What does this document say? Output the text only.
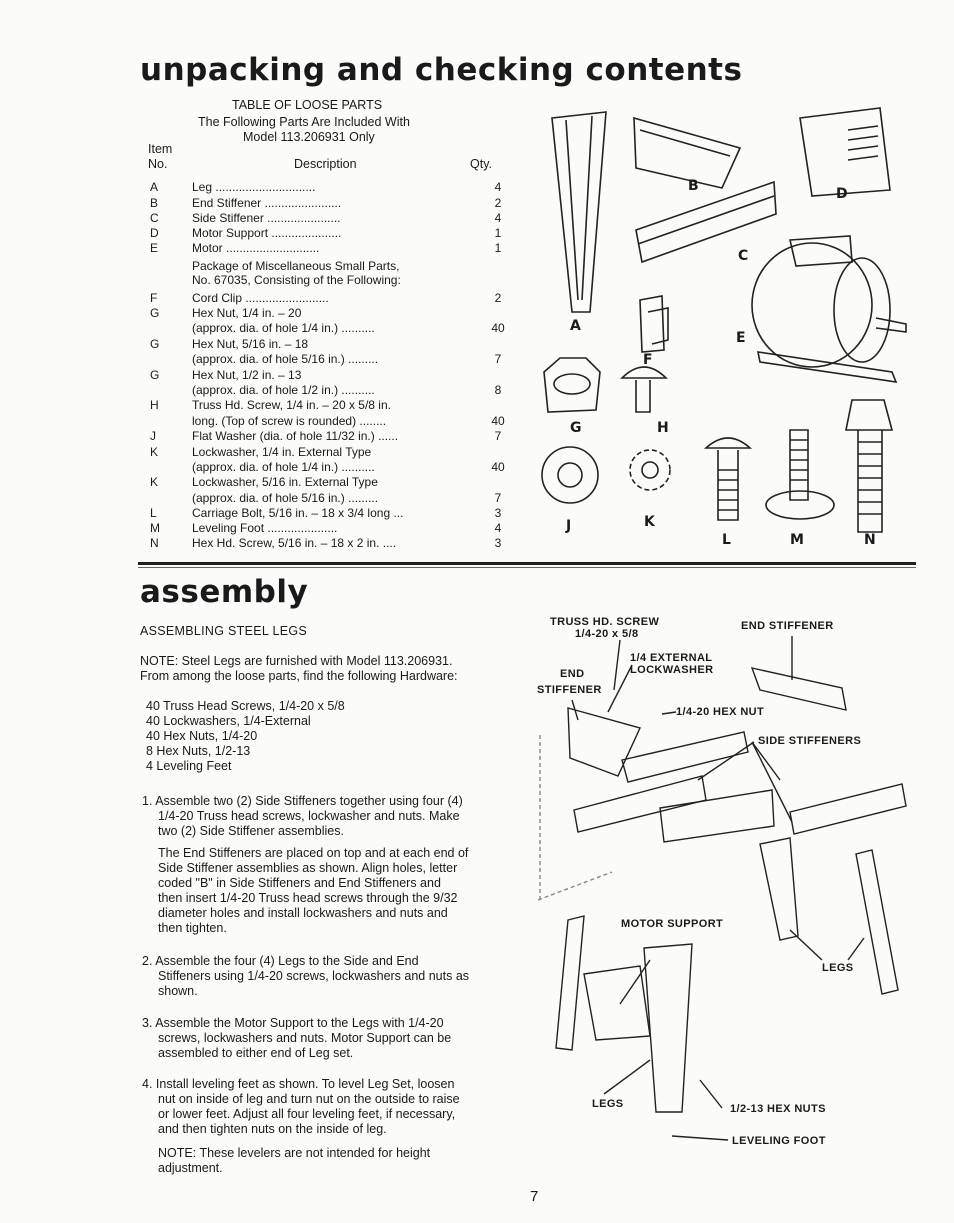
unpacking and checking contents
TABLE OF LOOSE PARTS
The Following Parts Are Included With
Model 113.206931 Only
Item
No.	Description	Qty.
A	Leg ..............................	4
B	End Stiffener .......................	2
C	Side Stiffener ......................	4
D	Motor Support .....................	1
E	Motor ............................	1
Package of Miscellaneous Small Parts,
No. 67035, Consisting of the Following:
F	Cord Clip .........................	2
G	Hex Nut, 1/4 in. – 20
(approx. dia. of hole 1/4 in.) ..........	40
G	Hex Nut, 5/16 in. – 18
(approx. dia. of hole 5/16 in.) .........	7
G	Hex Nut, 1/2 in. – 13
(approx. dia. of hole 1/2 in.) ..........	8
H	Truss Hd. Screw, 1/4 in. – 20 x 5/8 in.
long. (Top of screw is rounded) ........	40
J	Flat Washer (dia. of hole 11/32 in.) ......	7
K	Lockwasher, 1/4 in. External Type
(approx. dia. of hole 1/4 in.) ..........	40
K	Lockwasher, 5/16 in. External Type
(approx. dia. of hole 5/16 in.) .........	7
L	Carriage Bolt, 5/16 in. – 18 x 3/4 long ...	3
M	Leveling Foot .....................	4
N	Hex Hd. Screw, 5/16 in. – 18 x 2 in. ....	3
A
B
C
D
E
F
G	H
J	K
L	M	N
assembly
ASSEMBLING STEEL LEGS
NOTE: Steel Legs are furnished with Model 113.206931.
From among the loose parts, find the following Hardware:
40 Truss Head Screws, 1/4-20 x 5/8
40 Lockwashers, 1/4-External
40 Hex Nuts, 1/4-20
8 Hex Nuts, 1/2-13
4 Leveling Feet
1. Assemble two (2) Side Stiffeners together using four (4)
1/4-20 Truss head screws, lockwasher and nuts. Make
two (2) Side Stiffener assemblies.
The End Stiffeners are placed on top and at each end of
Side Stiffener assemblies as shown. Align holes, letter
coded "B" in Side Stiffeners and End Stiffeners and
then insert 1/4-20 Truss head screws through the 9/32
diameter holes and install lockwashers and nuts and
then tighten.
2. Assemble the four (4) Legs to the Side and End
Stiffeners using 1/4-20 screws, lockwashers and nuts as
shown.
3. Assemble the Motor Support to the Legs with 1/4-20
screws, lockwashers and nuts. Motor Support can be
assembled to either end of Leg set.
4. Install leveling feet as shown. To level Leg Set, loosen
nut on inside of leg and turn nut on the outside to raise
or lower feet. Adjust all four leveling feet, if necessary,
and then tighten nuts on the inside of leg.
NOTE: These levelers are not intended for height
adjustment.
TRUSS HD. SCREW
1/4-20 x 5/8
1/4 EXTERNAL
LOCKWASHER
END STIFFENER
END
STIFFENER
1/4-20 HEX NUT
SIDE STIFFENERS
MOTOR SUPPORT
LEGS
LEGS	1/2-13 HEX NUTS
LEVELING FOOT
7
